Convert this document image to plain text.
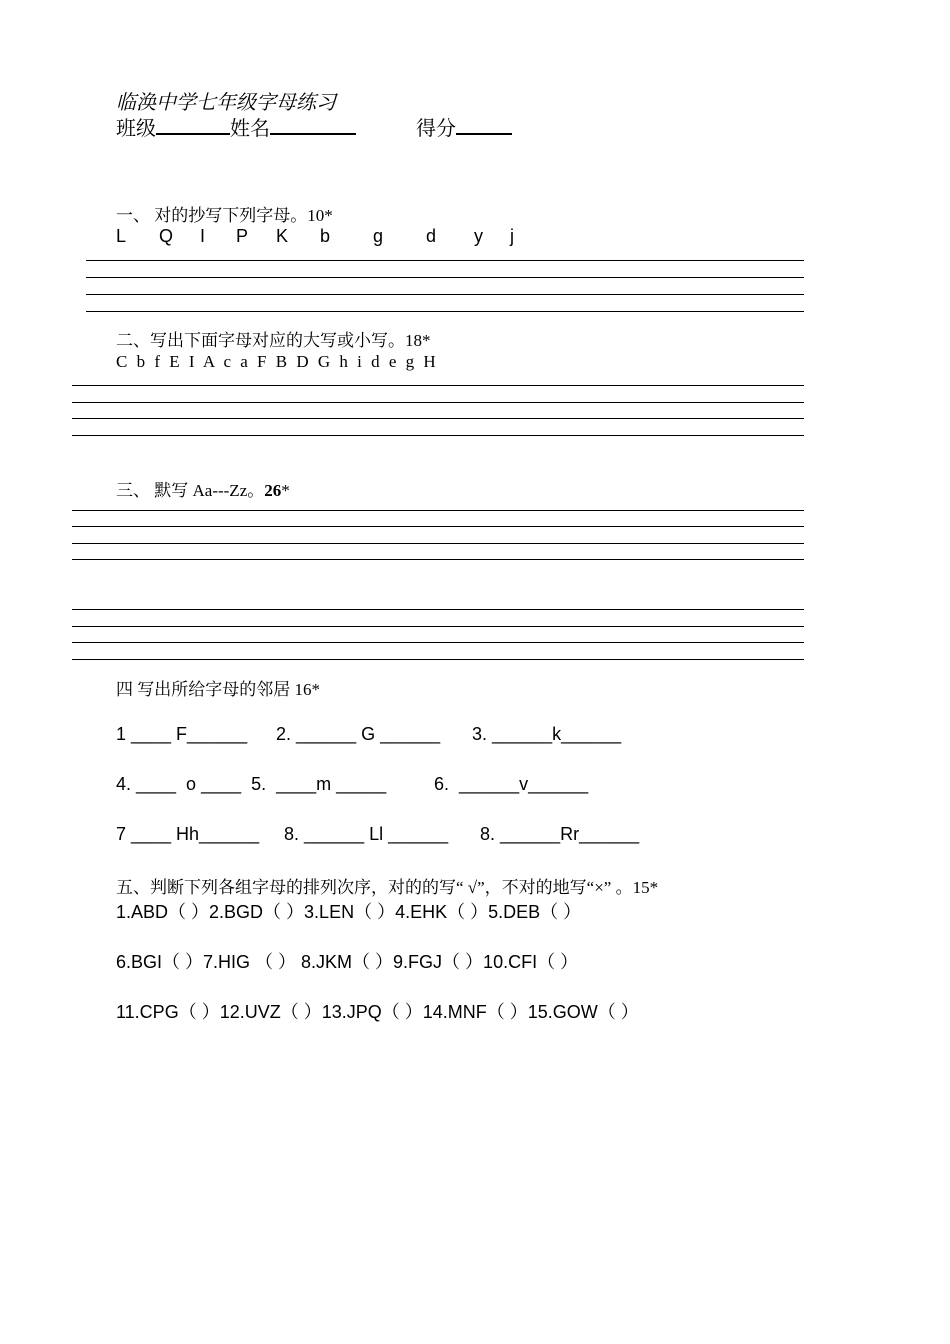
临涣中学七年级字母练习
班级	姓名	得分
一、 对的抄写下列字母。10*
L Q I P K b g d y j
二、写出下面字母对应的大写或小写。18*
C b f E I A c a F B D G h i d e g H
三、 默写 Aa---Zz。26*
四 写出所给字母的邻居 16*
1 ____ F______ 2. ______ G ______ 3. ______k______
4. ____  o ____  5.  ____m _____	6.  ______v______
7 ____ Hh______ 8. ______ Ll ______ 8. ______Rr______
五、判断下列各组字母的排列次序，对的的写“ √”，不对的地写“×” 。15*
1.ABD（ ）2.BGD（ ）3.LEN（ ）4.EHK（ ）5.DEB（ ）
6.BGI（ ）7.HIG （ ） 8.JKM（ ）9.FGJ（ ）10.CFI（ ）
11.CPG（ ）12.UVZ（ ）13.JPQ（ ）14.MNF（ ）15.GOW（ ）
